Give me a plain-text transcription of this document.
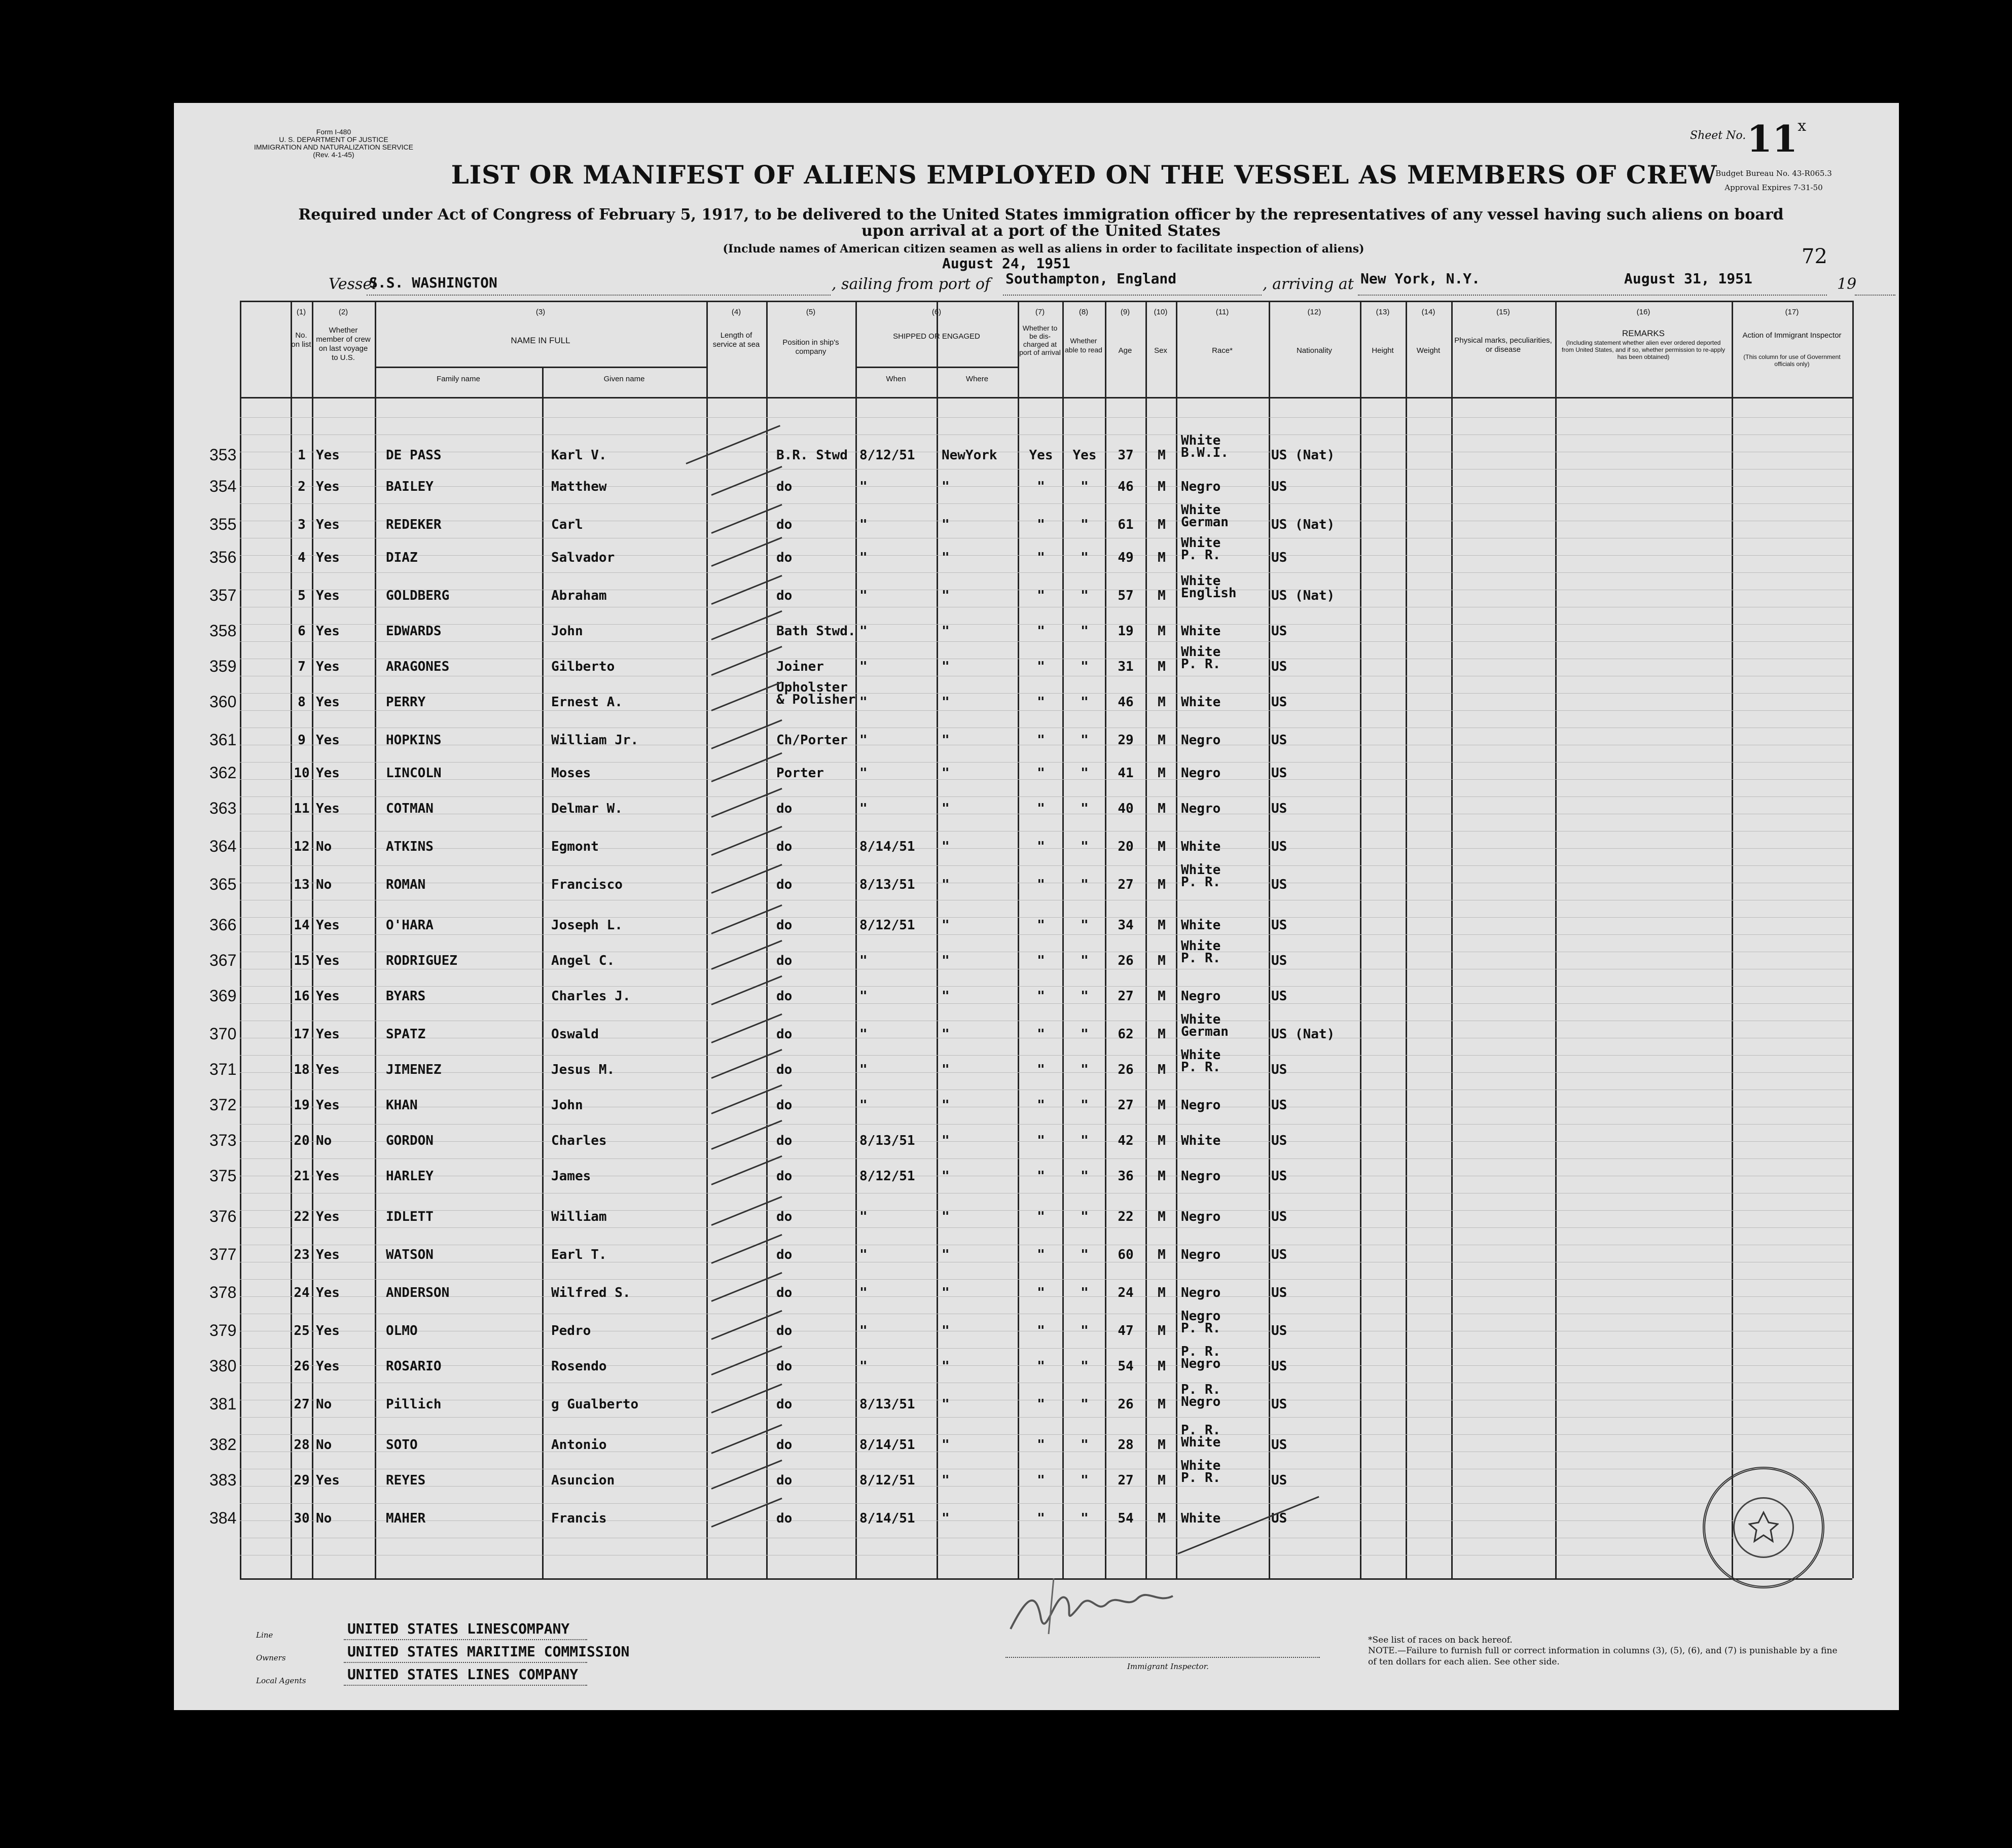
Form I-480
U. S. DEPARTMENT OF JUSTICE
IMMIGRATION AND NATURALIZATION SERVICE
(Rev. 4-1-45)
LIST OR MANIFEST OF ALIENS EMPLOYED ON THE VESSEL AS MEMBERS OF CREW
Sheet No. 11$^x$
Budget Bureau No. 43-R065.3
Approval Expires 7-31-50
Required under Act of Congress of February 5, 1917, to be delivered to the United States immigration officer by the representatives of any vessel having such aliens on board upon arrival at a port of the United States
(Include names of American citizen seamen as well as aliens in order to facilitate inspection of aliens)	72
Vessel
S.S. WASHINGTON	, sailing from port of
August 24, 1951
Southampton, England	, arriving at New York, N.Y.	August 31, 1951	19
(1)	(2)	(3)	(4)	(5)	(6)	(7)	(8)	(9)	(10)	(11)	(12)	(13)	(14)	(15)	(16)	(17)
No. on list
Whether member of crew on last voyage to U.S.
NAME IN FULL
Family name	Given name
Length of service at sea	Position in ship's company
SHIPPED OR ENGAGED
When	Where
Whether to be dis-charged at port of arrival
Whether able to read	Age	Sex	Race*	Nationality	Height	Weight
Physical marks, peculiarities, or disease
REMARKS
(Including statement whether alien ever ordered deported from United States, and if so, whether permission to re-apply has been obtained)
Action of Immigrant Inspector
(This column for use of Government officials only)
353	1 Yes	DE PASS	Karl V.	B.R. Stwd 8/12/51	NewYork	Yes	Yes	37	M
White
B.W.I.	US (Nat)
354	2 Yes	BAILEY	Matthew	do	"	"	"	"	46	M	Negro	US
355	3 Yes	REDEKER	Carl	do	"	"	"	"	61	M
White
German	US (Nat)
356	4 Yes	DIAZ	Salvador	do	"	"	"	"	49	M
White
P. R.	US
357	5 Yes	GOLDBERG	Abraham	do	"	"	"	"	57	M
White
English	US (Nat)
358	6 Yes	EDWARDS	John	Bath Stwd. "	"	"	"	19	M	White	US
359	7 Yes	ARAGONES	Gilberto	Joiner	"	"	"	"	31	M
White
P. R.	US
360	8 Yes	PERRY	Ernest A.
Upholster
& Polisher "	"	"	"	46	M	White	US
361	9 Yes	HOPKINS	William Jr.	Ch/Porter "	"	"	"	29	M	Negro	US
362	10 Yes	LINCOLN	Moses	Porter	"	"	"	"	41	M	Negro	US
363	11 Yes	COTMAN	Delmar W.	do	"	"	"	"	40	M	Negro	US
364	12 No	ATKINS	Egmont	do	8/14/51	"	"	"	20	M	White	US
365	13 No	ROMAN	Francisco	do	8/13/51	"	"	"	27	M
White
P. R.	US
366	14 Yes	O'HARA	Joseph L.	do	8/12/51	"	"	"	34	M	White	US
367	15 Yes	RODRIGUEZ	Angel C.	do	"	"	"	"	26	M
White
P. R.	US
369	16 Yes	BYARS	Charles J.	do	"	"	"	"	27	M	Negro	US
370	17 Yes	SPATZ	Oswald	do	"	"	"	"	62	M
White
German	US (Nat)
371	18 Yes	JIMENEZ	Jesus M.	do	"	"	"	"	26	M
White
P. R.	US
372	19 Yes	KHAN	John	do	"	"	"	"	27	M	Negro	US
373	20 No	GORDON	Charles	do	8/13/51	"	"	"	42	M	White	US
375	21 Yes	HARLEY	James	do	8/12/51	"	"	"	36	M	Negro	US
376	22 Yes	IDLETT	William	do	"	"	"	"	22	M	Negro	US
377	23 Yes	WATSON	Earl T.	do	"	"	"	"	60	M	Negro	US
378	24 Yes	ANDERSON	Wilfred S.	do	"	"	"	"	24	M	Negro	US
379	25 Yes	OLMO	Pedro	do	"	"	"	"	47	M
Negro
P. R.	US
380	26 Yes	ROSARIO	Rosendo	do	"	"	"	"	54	M
P. R.
Negro	US
381	27 No	Pillich	g Gualberto	do	8/13/51	"	"	"	26	M
P. R.
Negro	US
382	28 No	SOTO	Antonio	do	8/14/51	"	"	"	28	M
P. R.
White	US
383	29 Yes	REYES	Asuncion	do	8/12/51	"	"	"	27	M
White
P. R.	US
384	30 No	MAHER	Francis	do	8/14/51	"	"	"	54	M	White	US
Line	UNITED STATES LINESCOMPANY
Owners	UNITED STATES MARITIME COMMISSION
Local Agents	UNITED STATES LINES COMPANY	Immigrant Inspector.
*See list of races on back hereof.
NOTE.—Failure to furnish full or correct information in columns (3), (5), (6), and (7) is punishable by a fine of ten dollars for each alien. See other side.
